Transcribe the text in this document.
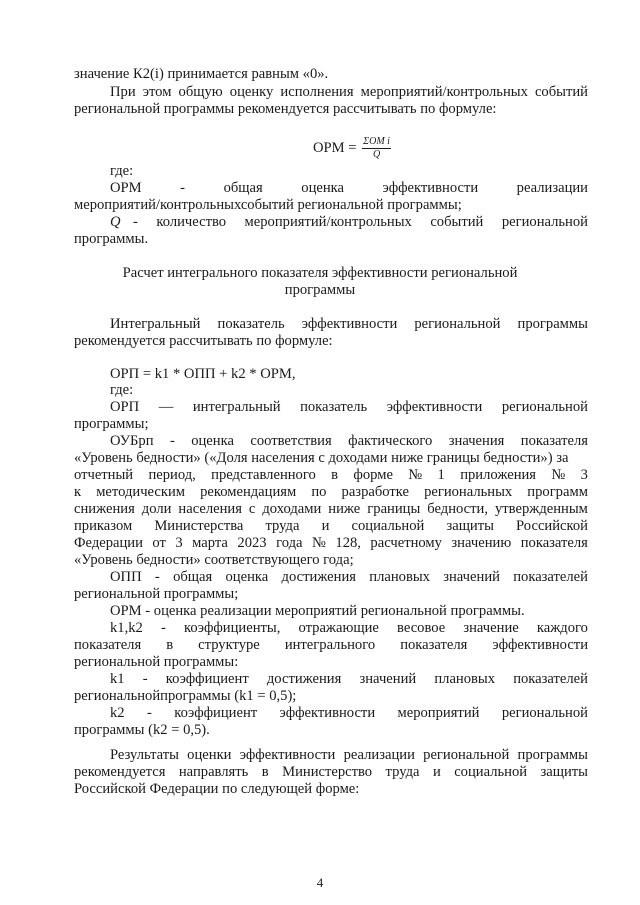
значение К2(i) принимается равным «0».
При этом общую оценку исполнения мероприятий/контрольных событий
региональной программы рекомендуется рассчитывать по формуле:
ОРМ = $\frac{\text{ΣОМ i}}{Q}$
где:
ОРМ	-	общая	оценка	эффективности	реализации
мероприятий/контрольныхсобытий региональной программы;
Q - количество мероприятий/контрольных событий региональной
программы.
Расчет интегрального показателя эффективности региональной
программы
Интегральный показатель эффективности региональной программы
рекомендуется рассчитывать по формуле:
ОРП = k1 * ОПП + k2 * ОРМ,
где:
ОРП — интегральный показатель эффективности региональной
программы;
ОУБрп - оценка соответствия фактического значения показателя
«Уровень бедности» («Доля населения с доходами ниже границы бедности») за
отчетный период, представленного в форме № 1 приложения № 3
к методическим рекомендациям по разработке региональных программ
снижения доли населения с доходами ниже границы бедности, утвержденным
приказом Министерства труда и социальной защиты Российской
Федерации от 3 марта 2023 года № 128, расчетному значению показателя
«Уровень бедности» соответствующего года;
ОПП - общая оценка достижения плановых значений показателей
региональной программы;
ОРМ - оценка реализации мероприятий региональной программы.
k1,k2 - коэффициенты, отражающие весовое значение каждого
показателя в структуре интегрального показателя эффективности
региональной программы:
k1 - коэффициент достижения значений плановых показателей
региональнойпрограммы (k1 = 0,5);
k2 - коэффициент эффективности мероприятий региональной
программы (k2 = 0,5).
Результаты оценки эффективности реализации региональной программы
рекомендуется направлять в Министерство труда и социальной защиты
Российской Федерации по следующей форме:
4
